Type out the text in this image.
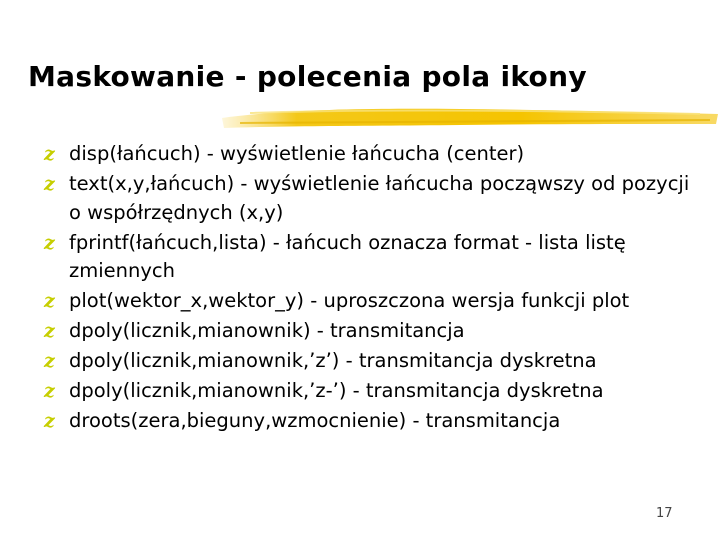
Maskowanie - polecenia pola ikony
z disp(łańcuch) - wyświetlenie łańcucha (center)
z text(x,y,łańcuch) - wyświetlenie łańcucha począwszy od pozycji o współrzędnych (x,y)
z fprintf(łańcuch,lista) - łańcuch oznacza format - lista listę zmiennych
z plot(wektor_x,wektor_y) - uproszczona wersja funkcji plot
z dpoly(licznik,mianownik) - transmitancja
z dpoly(licznik,mianownik,’z’) - transmitancja dyskretna
z dpoly(licznik,mianownik,’z-’) - transmitancja dyskretna
z droots(zera,bieguny,wzmocnienie) - transmitancja
17
